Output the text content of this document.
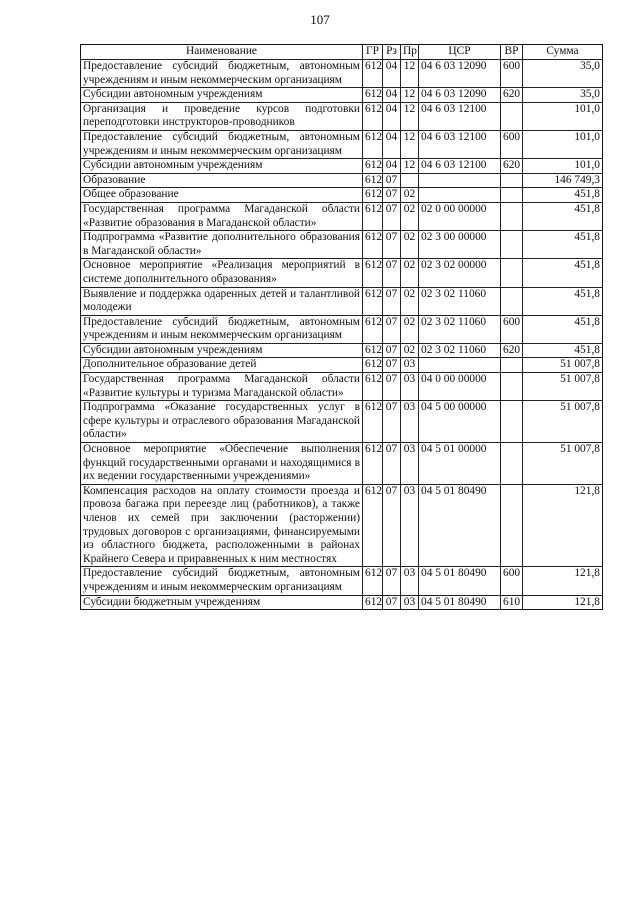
107
Наименование	ГР	Рз	Пр	ЦСР	ВР	Сумма
Предоставление субсидий бюджетным, автономным учреждениям и иным некоммерческим организациям	612	04	12	04 6 03 12090	600	35,0
Субсидии автономным учреждениям	612	04	12	04 6 03 12090	620	35,0
Организация и проведение курсов подготовки переподготовки инструкторов-проводников	612	04	12	04 6 03 12100		101,0
Предоставление субсидий бюджетным, автономным учреждениям и иным некоммерческим организациям	612	04	12	04 6 03 12100	600	101,0
Субсидии автономным учреждениям	612	04	12	04 6 03 12100	620	101,0
Образование	612	07				146 749,3
Общее образование	612	07	02			451,8
Государственная программа Магаданской области «Развитие образования в Магаданской области»	612	07	02	02 0 00 00000		451,8
Подпрограмма «Развитие дополнительного образования в Магаданской области»	612	07	02	02 3 00 00000		451,8
Основное мероприятие «Реализация мероприятий в системе дополнительного образования»	612	07	02	02 3 02 00000		451,8
Выявление и поддержка одаренных детей и талантливой молодежи	612	07	02	02 3 02 11060		451,8
Предоставление субсидий бюджетным, автономным учреждениям и иным некоммерческим организациям	612	07	02	02 3 02 11060	600	451,8
Субсидии автономным учреждениям	612	07	02	02 3 02 11060	620	451,8
Дополнительное образование детей	612	07	03			51 007,8
Государственная программа Магаданской области «Развитие культуры и туризма Магаданской области»	612	07	03	04 0 00 00000		51 007,8
Подпрограмма «Оказание государственных услуг в сфере культуры и отраслевого образования Магаданской области»	612	07	03	04 5 00 00000		51 007,8
Основное мероприятие «Обеспечение выполнения функций государственными органами и находящимися в их ведении государственными учреждениями»	612	07	03	04 5 01 00000		51 007,8
Компенсация расходов на оплату стоимости проезда и провоза багажа при переезде лиц (работников), а также членов их семей при заключении (расторжении) трудовых договоров с организациями, финансируемыми из областного бюджета, расположенными в районах Крайнего Севера и приравненных к ним местностях	612	07	03	04 5 01 80490		121,8
Предоставление субсидий бюджетным, автономным учреждениям и иным некоммерческим организациям	612	07	03	04 5 01 80490	600	121,8
Субсидии бюджетным учреждениям	612	07	03	04 5 01 80490	610	121,8
